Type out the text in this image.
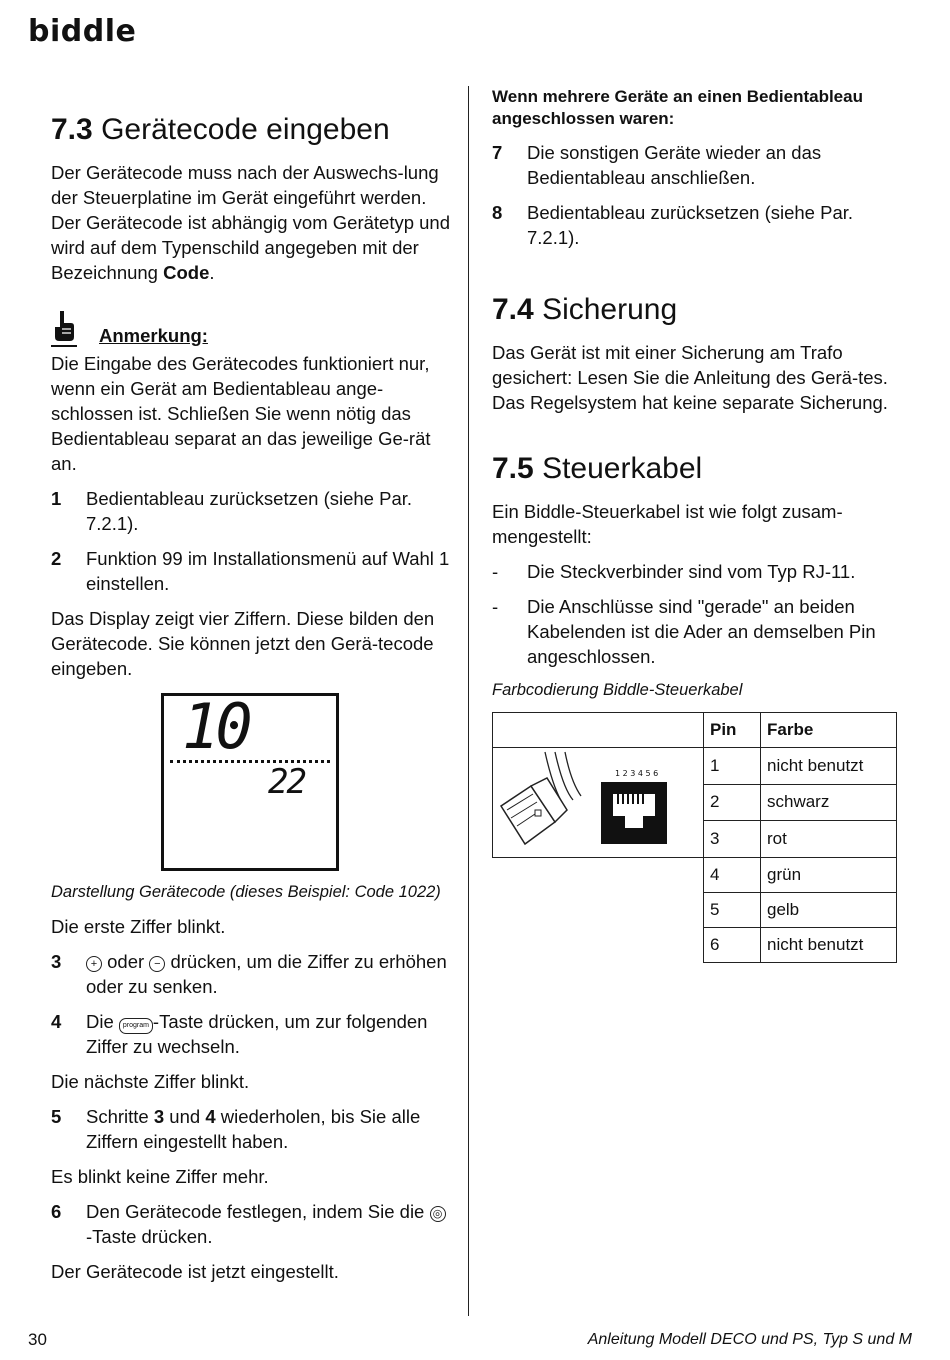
biddle
7.3 Gerätecode eingeben

Der Gerätecode muss nach der Auswechs-lung der Steuerplatine im Gerät eingeführt werden. Der Gerätecode ist abhängig vom Gerätetyp und wird auf dem Typenschild angegeben mit der Bezeichnung Code.

Anmerkung:

Die Eingabe des Gerätecodes funktioniert nur, wenn ein Gerät am Bedientableau ange-schlossen ist. Schließen Sie wenn nötig das Bedientableau separat an das jeweilige Ge-rät an.

1	Bedientableau zurücksetzen (siehe Par. 7.2.1).
2	Funktion 99 im Installationsmenü auf Wahl 1 einstellen.

Das Display zeigt vier Ziffern. Diese bilden den Gerätecode. Sie können jetzt den Gerä-tecode eingeben.

10
22
Darstellung Gerätecode (dieses Beispiel: Code 1022)

Die erste Ziffer blinkt.

3	+ oder − drücken, um die Ziffer zu erhöhen oder zu senken.
4	Die program -Taste drücken, um zur folgenden Ziffer zu wechseln.

Die nächste Ziffer blinkt.

5	Schritte 3 und 4 wiederholen, bis Sie alle Ziffern eingestellt haben.

Es blinkt keine Ziffer mehr.

6	Den Gerätecode festlegen, indem Sie die ◎-Taste drücken.

Der Gerätecode ist jetzt eingestellt.

Wenn mehrere Geräte an einen Bedientableau angeschlossen waren:

7	Die sonstigen Geräte wieder an das Bedientableau anschließen.
8	Bedientableau zurücksetzen (siehe Par. 7.2.1).
7.4 Sicherung

Das Gerät ist mit einer Sicherung am Trafo gesichert: Lesen Sie die Anleitung des Gerä-tes. Das Regelsystem hat keine separate Sicherung.

7.5 Steuerkabel

Ein Biddle-Steuerkabel ist wie folgt zusam-mengestellt:

-	Die Steckverbinder sind vom Typ RJ-11.
-	Die Anschlüsse sind "gerade" an beiden Kabelenden ist die Ader an demselben Pin angeschlossen.
Farbcodierung Biddle-Steuerkabel
	Pin	Farbe

1 2 3 4 5 6	1	nicht benutzt
	2	schwarz
	3	rot
	4	grün
	5	gelb
	6	nicht benutzt
30	Anleitung Modell DECO und PS, Typ S und M
